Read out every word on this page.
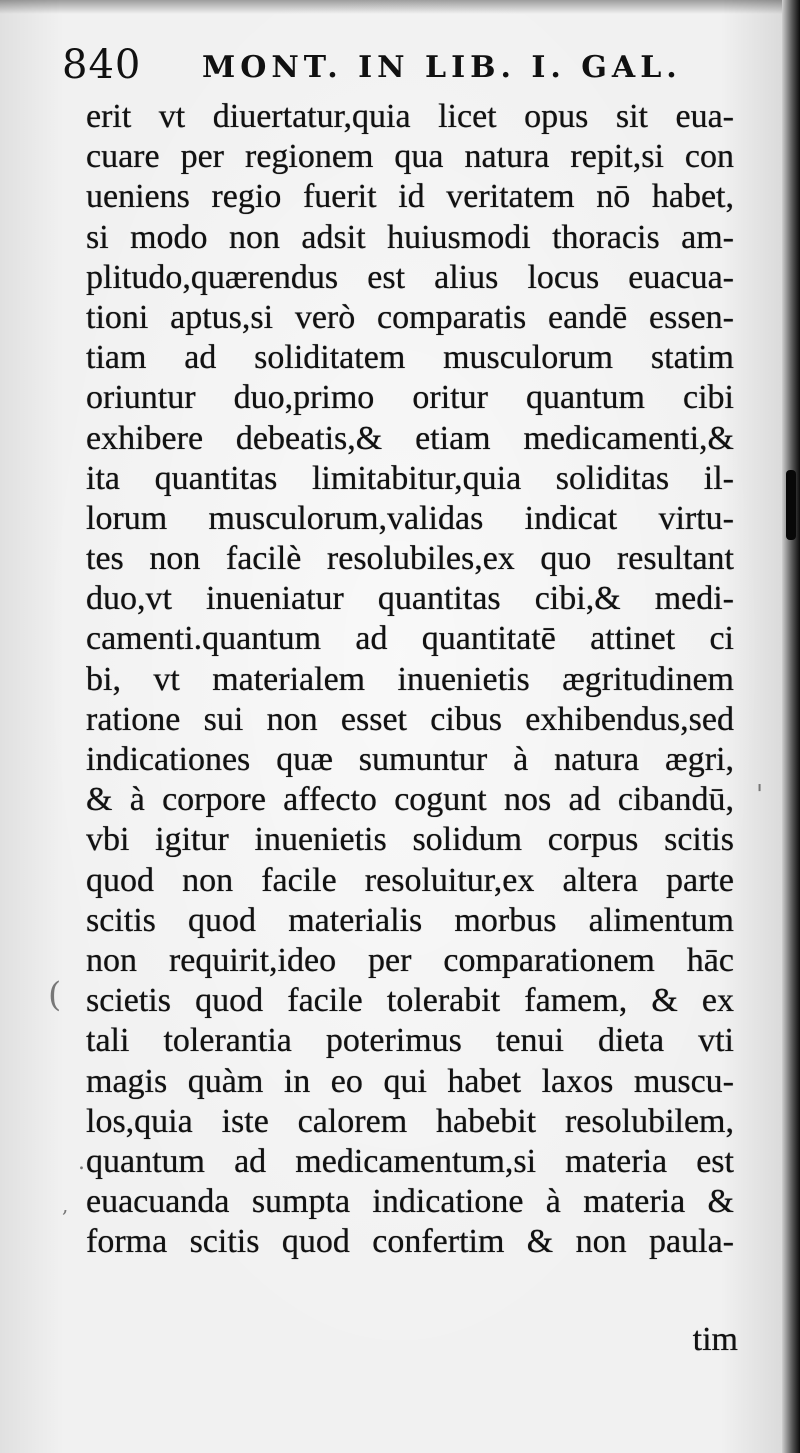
840 MONT. IN LIB. I. GAL.
erit vt diuertatur,quia licet opus sit eua-
cuare per regionem qua natura repit,si con
ueniens regio fuerit id veritatem nō habet,
si modo non adsit huiusmodi thoracis am-
plitudo,quærendus est alius locus euacua-
tioni aptus,si verò comparatis eandē essen-
tiam ad soliditatem musculorum statim
oriuntur duo,primo oritur quantum cibi
exhibere debeatis,& etiam medicamenti,&
ita quantitas limitabitur,quia soliditas il-
lorum musculorum,validas indicat virtu-
tes non facilè resolubiles,ex quo resultant
duo,vt inueniatur quantitas cibi,& medi-
camenti.quantum ad quantitatē attinet ci
bi, vt materialem inuenietis ægritudinem
ratione sui non esset cibus exhibendus,sed
indicationes quæ sumuntur à natura ægri,
& à corpore affecto cogunt nos ad cibandū,
vbi igitur inuenietis solidum corpus scitis
quod non facile resoluitur,ex altera parte
scitis quod materialis morbus alimentum
non requirit,ideo per comparationem hāc
scietis quod facile tolerabit famem, & ex
tali tolerantia poterimus tenui dieta vti
magis quàm in eo qui habet laxos muscu-
los,quia iste calorem habebit resolubilem,
quantum ad medicamentum,si materia est
euacuanda sumpta indicatione à materia &
forma scitis quod confertim & non paula-
tim
(
,
'
.
